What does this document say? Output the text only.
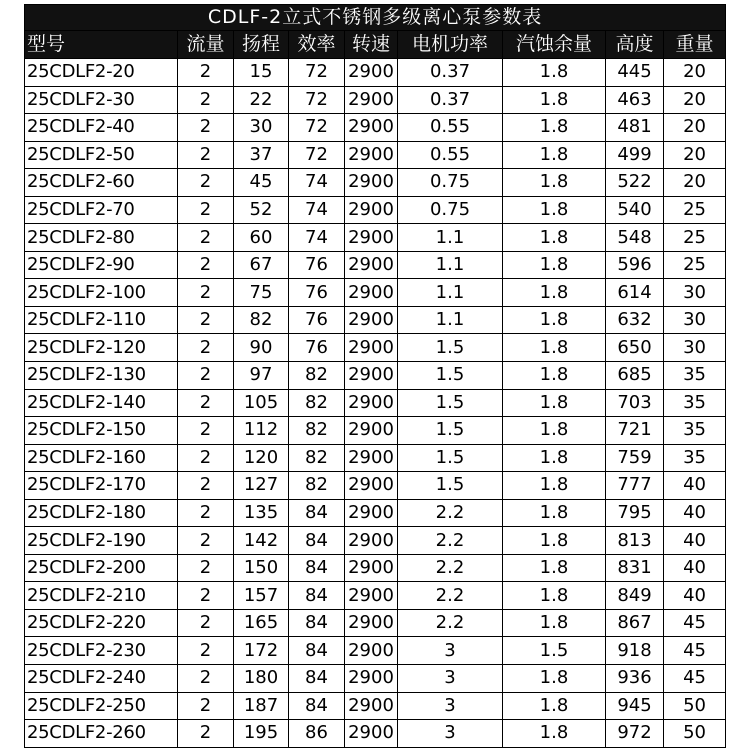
CDLF-2立式不锈钢多级离心泵参数表								
型号	流量	扬程	效率	转速	电机功率	汽蚀余量	高度	重量
25CDLF2-20	2	15	72	2900	0.37	1.8	445	20
25CDLF2-30	2	22	72	2900	0.37	1.8	463	20
25CDLF2-40	2	30	72	2900	0.55	1.8	481	20
25CDLF2-50	2	37	72	2900	0.55	1.8	499	20
25CDLF2-60	2	45	74	2900	0.75	1.8	522	20
25CDLF2-70	2	52	74	2900	0.75	1.8	540	25
25CDLF2-80	2	60	74	2900	1.1	1.8	548	25
25CDLF2-90	2	67	76	2900	1.1	1.8	596	25
25CDLF2-100	2	75	76	2900	1.1	1.8	614	30
25CDLF2-110	2	82	76	2900	1.1	1.8	632	30
25CDLF2-120	2	90	76	2900	1.5	1.8	650	30
25CDLF2-130	2	97	82	2900	1.5	1.8	685	35
25CDLF2-140	2	105	82	2900	1.5	1.8	703	35
25CDLF2-150	2	112	82	2900	1.5	1.8	721	35
25CDLF2-160	2	120	82	2900	1.5	1.8	759	35
25CDLF2-170	2	127	82	2900	1.5	1.8	777	40
25CDLF2-180	2	135	84	2900	2.2	1.8	795	40
25CDLF2-190	2	142	84	2900	2.2	1.8	813	40
25CDLF2-200	2	150	84	2900	2.2	1.8	831	40
25CDLF2-210	2	157	84	2900	2.2	1.8	849	40
25CDLF2-220	2	165	84	2900	2.2	1.8	867	45
25CDLF2-230	2	172	84	2900	3	1.5	918	45
25CDLF2-240	2	180	84	2900	3	1.8	936	45
25CDLF2-250	2	187	84	2900	3	1.8	945	50
25CDLF2-260	2	195	86	2900	3	1.8	972	50
